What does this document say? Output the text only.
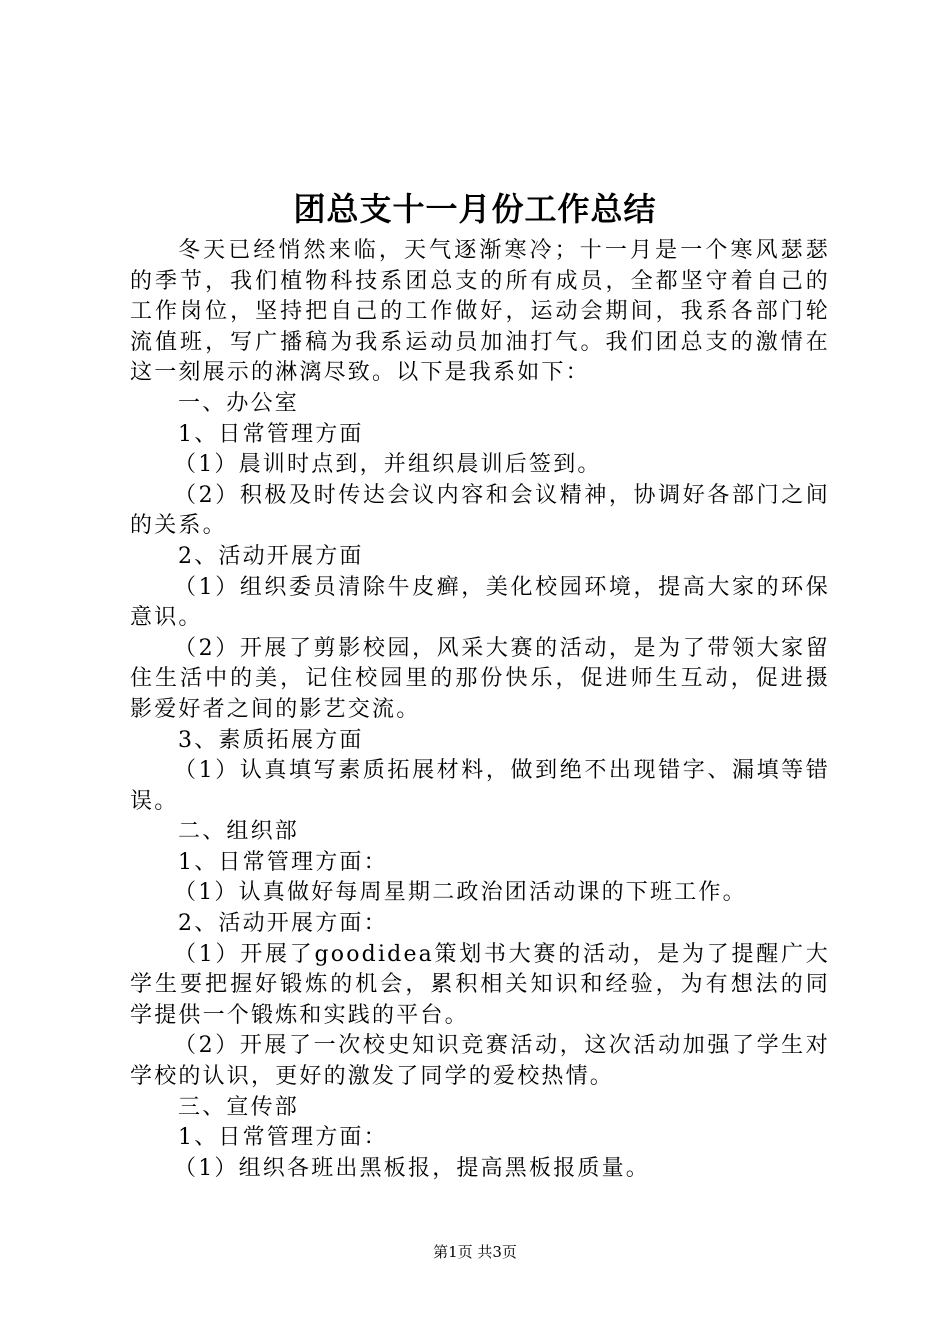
团总支十一月份工作总结

冬天已经悄然来临，天气逐渐寒冷；十一月是一个寒风瑟瑟的季节，我们植物科技系团总支的所有成员，全都坚守着自己的工作岗位，坚持把自己的工作做好，运动会期间，我系各部门轮流值班，写广播稿为我系运动员加油打气。我们团总支的激情在这一刻展示的淋漓尽致。以下是我系如下：

一、办公室

1、日常管理方面

（1）晨训时点到，并组织晨训后签到。

（2）积极及时传达会议内容和会议精神，协调好各部门之间的关系。

2、活动开展方面

（1）组织委员清除牛皮癣，美化校园环境，提高大家的环保意识。

（2）开展了剪影校园，风采大赛的活动，是为了带领大家留住生活中的美，记住校园里的那份快乐，促进师生互动，促进摄影爱好者之间的影艺交流。

3、素质拓展方面

（1）认真填写素质拓展材料，做到绝不出现错字、漏填等错误。

二、组织部

1、日常管理方面：

（1）认真做好每周星期二政治团活动课的下班工作。

2、活动开展方面：

（1）开展了goodidea策划书大赛的活动，是为了提醒广大学生要把握好锻炼的机会，累积相关知识和经验，为有想法的同学提供一个锻炼和实践的平台。

（2）开展了一次校史知识竞赛活动，这次活动加强了学生对学校的认识，更好的激发了同学的爱校热情。

三、宣传部

1、日常管理方面：

（1）组织各班出黑板报，提高黑板报质量。

第1页 共3页
